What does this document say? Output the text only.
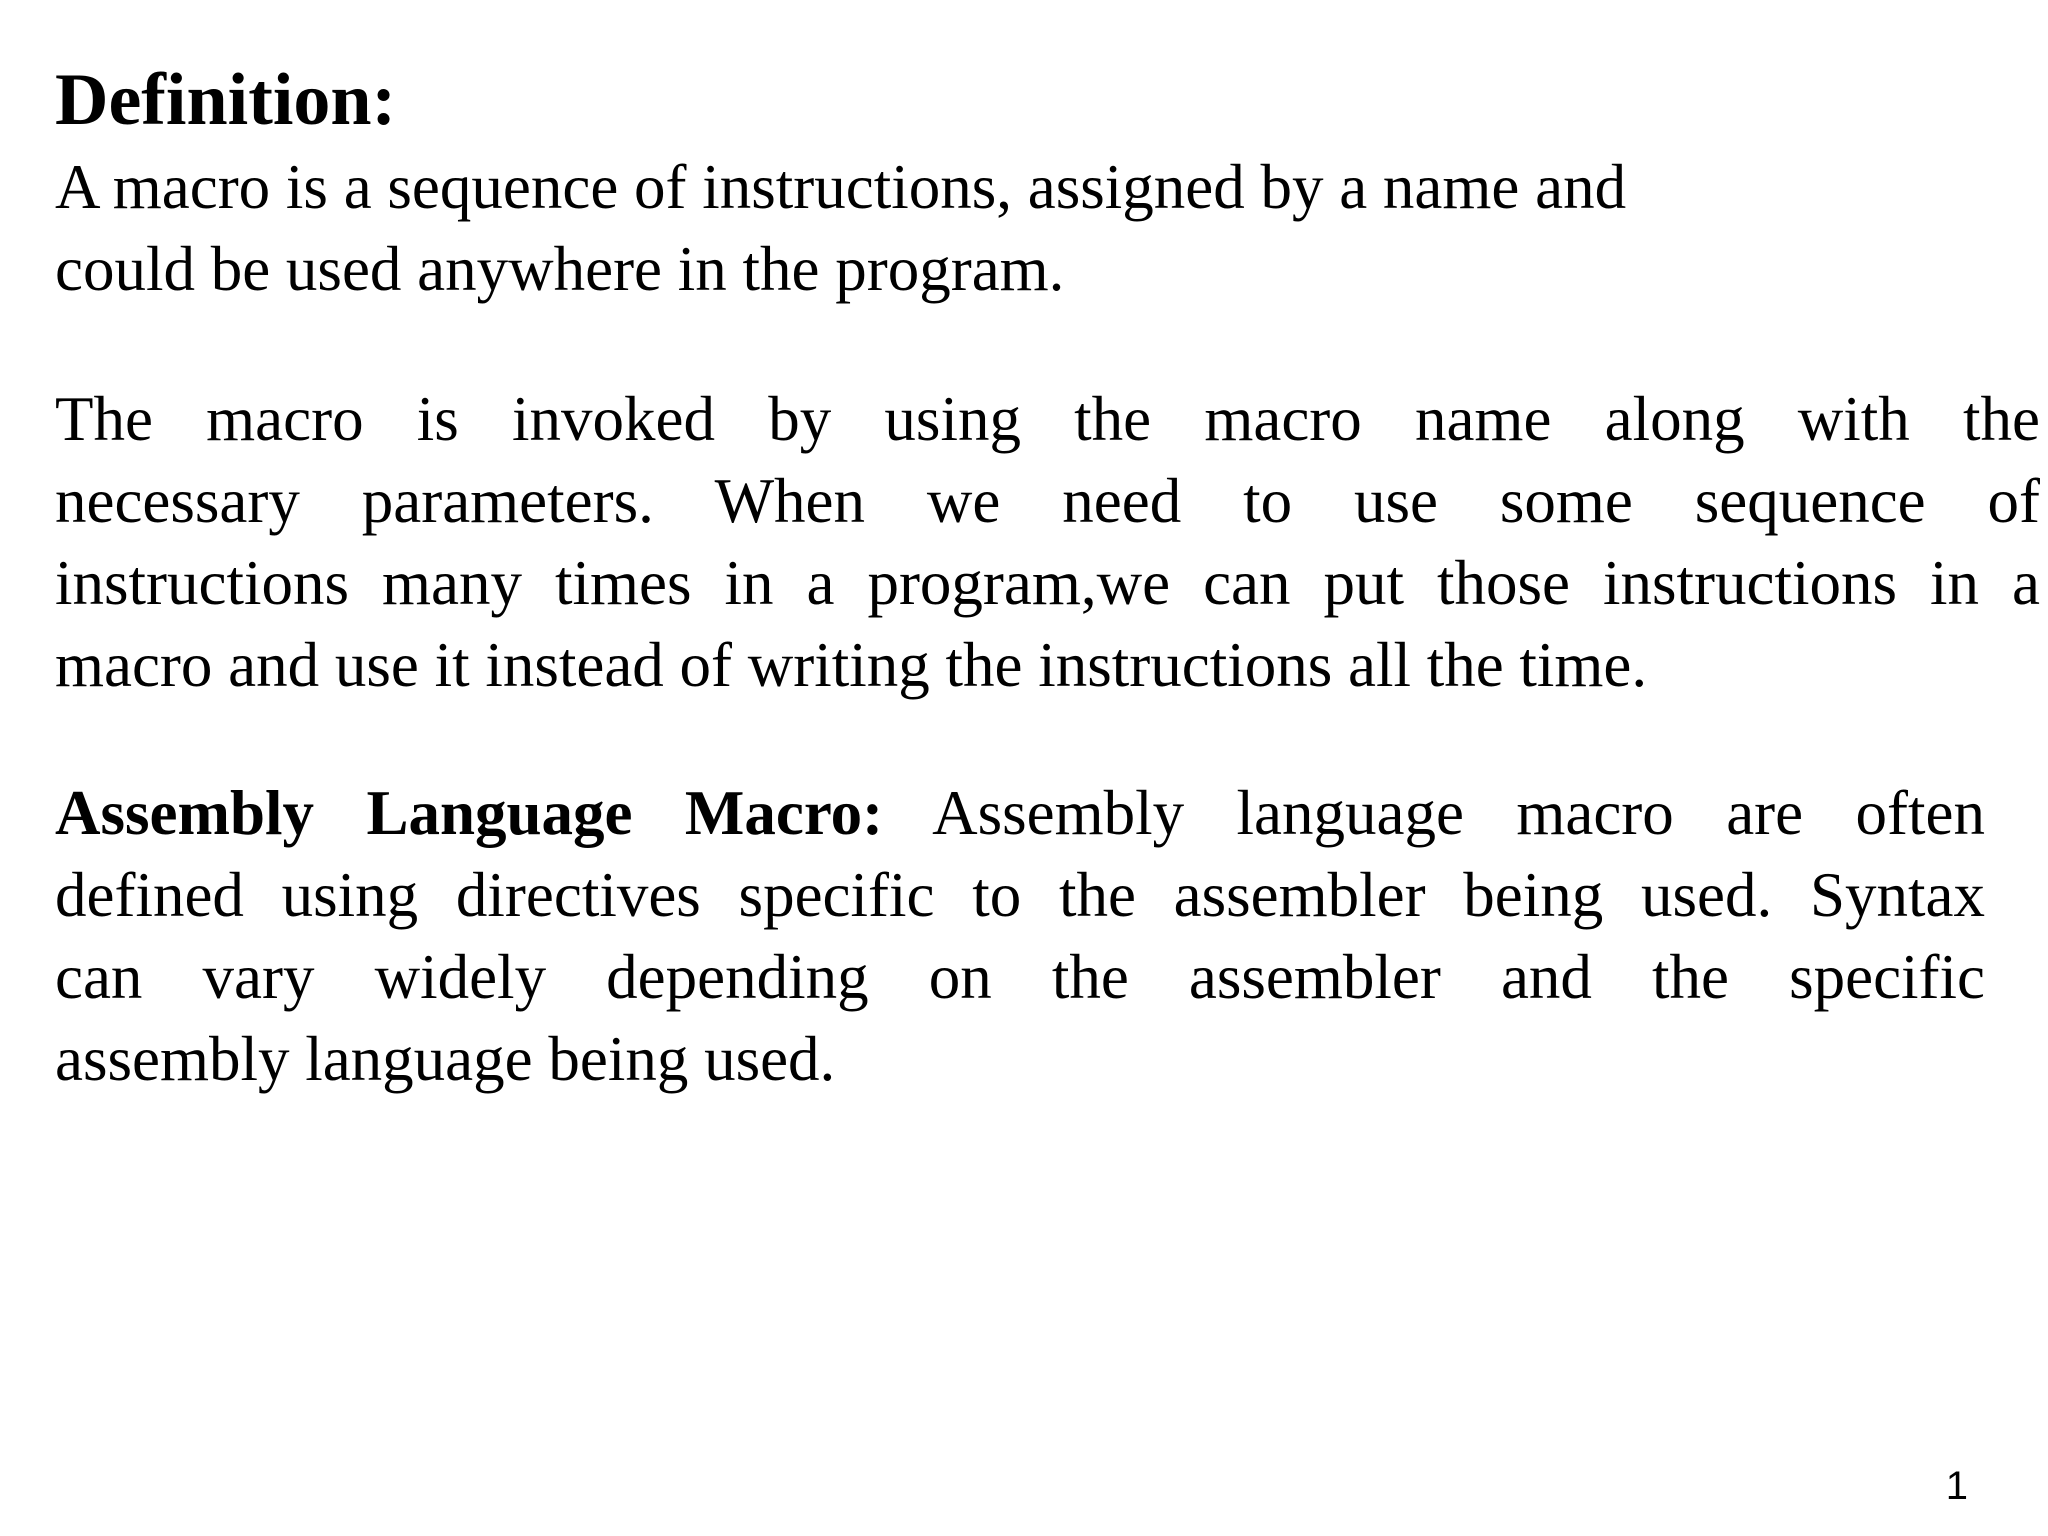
Definition:
A macro is a sequence of instructions, assigned by a name and
could be used anywhere in the program.
The macro is invoked by using the macro name along with the
necessary parameters. When we need to use some sequence of
instructions many times in a program,we can put those instructions in a
macro and use it instead of writing the instructions all the time.
Assembly Language Macro: Assembly language macro are often
defined using directives specific to the assembler being used. Syntax
can vary widely depending on the assembler and the specific
assembly language being used.
1
